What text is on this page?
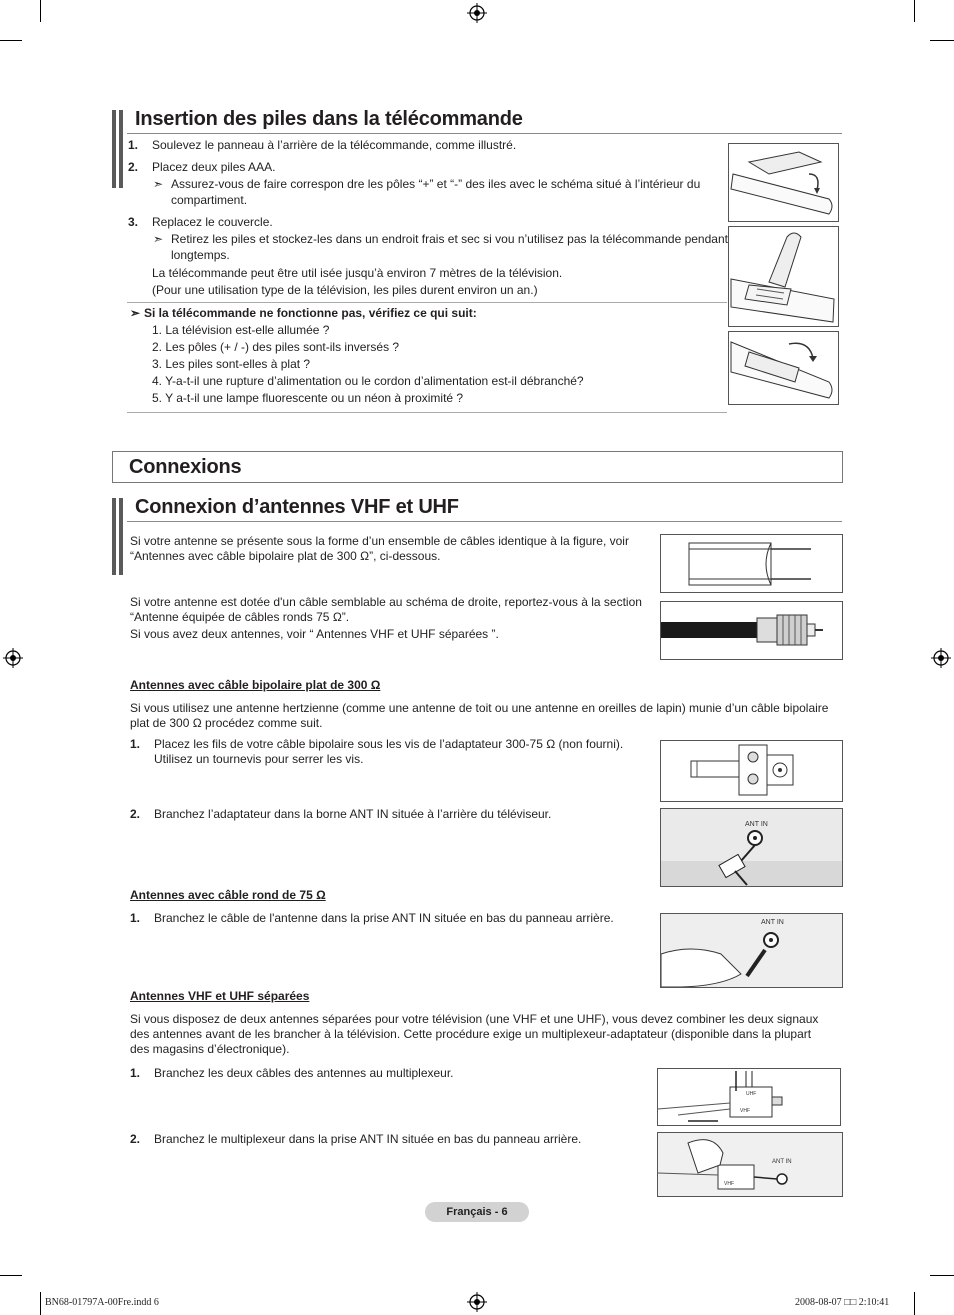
Insertion des piles dans la télécommande
1. Soulevez le panneau à l’arrière de la télécommande, comme illustré.
2. Placez deux piles AAA.
➣ Assurez-vous de faire correspon dre les pôles “+” et “-” des iles avec le schéma situé à l’intérieur du
compartiment.
3. Replacez le couvercle.
➣ Retirez les piles et stockez-les dans un endroit frais et sec si vou n’utilisez pas la télécommande pendant
longtemps.
La télécommande peut être util isée jusqu’à environ 7 mètres de la télévision.
(Pour une utilisation type de la télévision, les piles durent environ un an.)
➣ Si la télécommande ne fonctionne pas, vérifiez ce qui suit:
1. La télévision est-elle allumée ?
2. Les pôles (+ / -) des piles sont-ils inversés ?
3. Les piles sont-elles à plat ?
4. Y-a-t-il une rupture d’alimentation ou le cordon d’alimentation est-il débranché?
5. Y a-t-il une lampe fluorescente ou un néon à proximité ?
Connexions
Connexion d’antennes VHF et UHF
Si votre antenne se présente sous la forme d’un ensemble de câbles identique à la figure, voir
“Antennes avec câble bipolaire plat de 300 Ω”, ci-dessous.
Si votre antenne est dotée d'un câble semblable au schéma de droite, reportez-vous à la section
“Antenne équipée de câbles ronds 75 Ω”.
Si vous avez deux antennes, voir “ Antennes VHF et UHF séparées ”.
Antennes avec câble bipolaire plat de 300 Ω
Si vous utilisez une antenne hertzienne (comme une antenne de toit ou une antenne en oreilles de lapin) munie d’un câble bipolaire
plat de 300 Ω procédez comme suit.
1. Placez les fils de votre câble bipolaire sous les vis de l’adaptateur 300-75 Ω (non fourni).
Utilisez un tournevis pour serrer les vis.
2. Branchez l’adaptateur dans la borne ANT IN située à l’arrière du téléviseur.
ANT IN
Antennes avec câble rond de 75 Ω
1. Branchez le câble de l'antenne dans la prise ANT IN située en bas du panneau arrière.	ANT IN
Antennes VHF et UHF séparées
Si vous disposez de deux antennes séparées pour votre télévision (une VHF et une UHF), vous devez combiner les deux signaux
des antennes avant de les brancher à la télévision. Cette procédure exige un multiplexeur-adaptateur (disponible dans la plupart
des magasins d’électronique).
1. Branchez les deux câbles des antennes au multiplexeur.
UHF
VHF
2. Branchez le multiplexeur dans la prise ANT IN située en bas du panneau arrière.
ANT IN
VHF
Français - 6
BN68-01797A-00Fre.indd 6	2008-08-07 □□ 2:10:41
